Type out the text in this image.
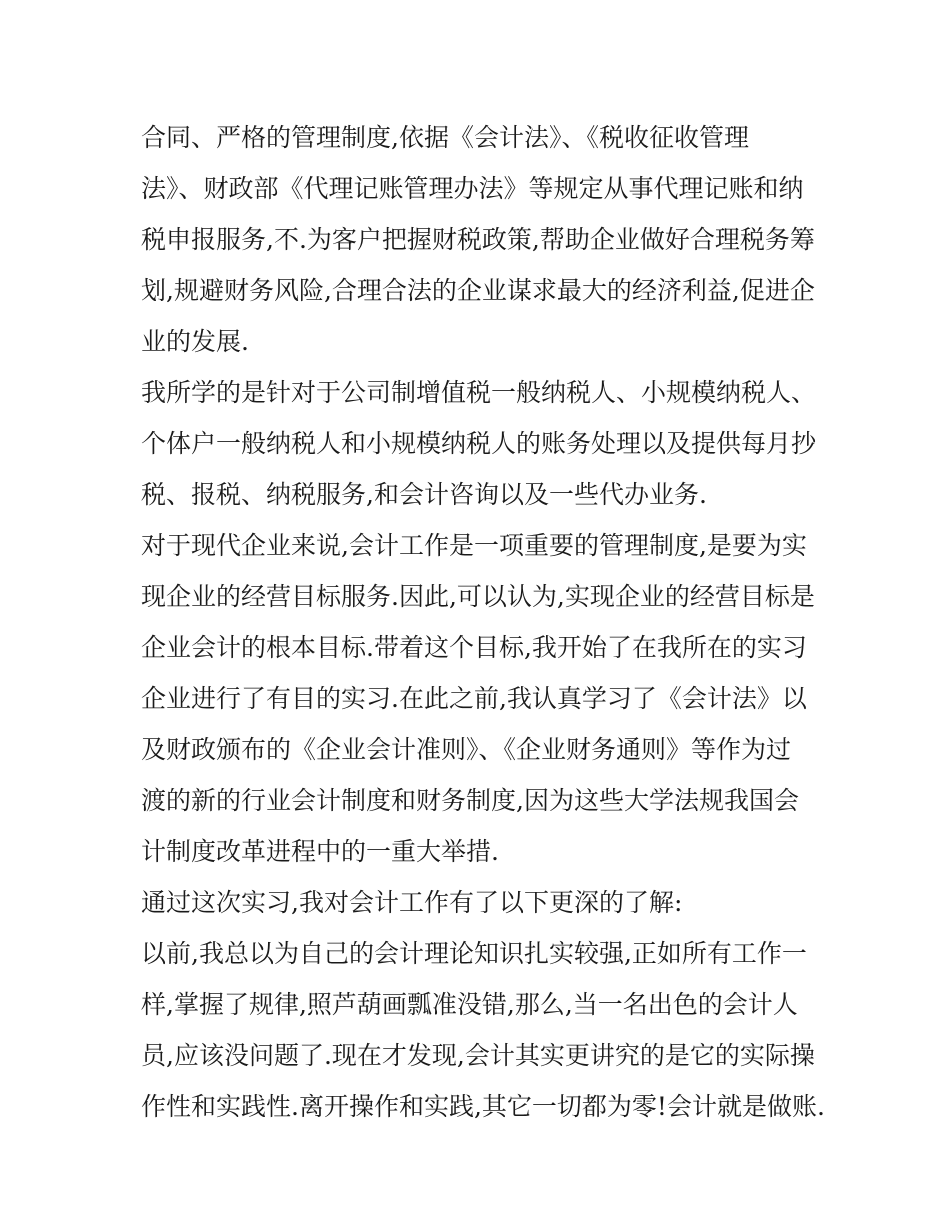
合同、严格的管理制度,依据《会计法》、《税收征收管理
法》、财政部《代理记账管理办法》等规定从事代理记账和纳
税申报服务,不.为客户把握财税政策,帮助企业做好合理税务筹
划,规避财务风险,合理合法的企业谋求最大的经济利益,促进企
业的发展.
我所学的是针对于公司制增值税一般纳税人、小规模纳税人、
个体户一般纳税人和小规模纳税人的账务处理以及提供每月抄
税、报税、纳税服务,和会计咨询以及一些代办业务.
对于现代企业来说,会计工作是一项重要的管理制度,是要为实
现企业的经营目标服务.因此,可以认为,实现企业的经营目标是
企业会计的根本目标.带着这个目标,我开始了在我所在的实习
企业进行了有目的实习.在此之前,我认真学习了《会计法》以
及财政颁布的《企业会计准则》、《企业财务通则》等作为过
渡的新的行业会计制度和财务制度,因为这些大学法规我国会
计制度改革进程中的一重大举措.
通过这次实习,我对会计工作有了以下更深的了解:
以前,我总以为自己的会计理论知识扎实较强,正如所有工作一
样,掌握了规律,照芦葫画瓢准没错,那么,当一名出色的会计人
员,应该没问题了.现在才发现,会计其实更讲究的是它的实际操
作性和实践性.离开操作和实践,其它一切都为零!会计就是做账.
